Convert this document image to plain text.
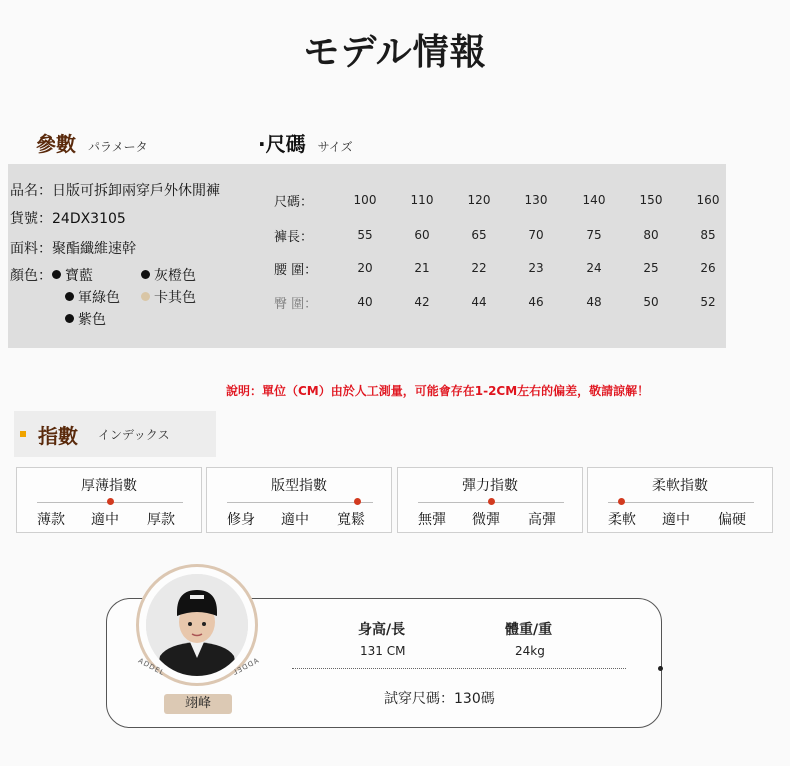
モデル情報
參數 パラメータ	·尺碼 サイズ
品名：日版可拆卸兩穿戶外休閒褲
貨號：24DX3105
面料：聚酯纖維速幹
顏色： 寶藍	灰橙色
軍綠色	卡其色
紫色
尺碼：	100	110	120	130	140	150	160
褲長：	55	60	65	70	75	80	85
腰 圍：	20	21	22	23	24	25	26
臀 圍：	40	42	44	46	48	50	52
說明：單位（CM）由於人工測量，可能會存在1-2CM左右的偏差，敬請諒解！
指數 インデックス
厚薄指數
薄款 適中 厚款
版型指數
修身 適中 寬鬆
彈力指數
無彈 微彈 高彈
柔軟指數
柔軟 適中 偏硬
ADDEL	ADDEL
翊峰
身高/長
131 CM
體重/重
24kg
試穿尺碼：130碼
